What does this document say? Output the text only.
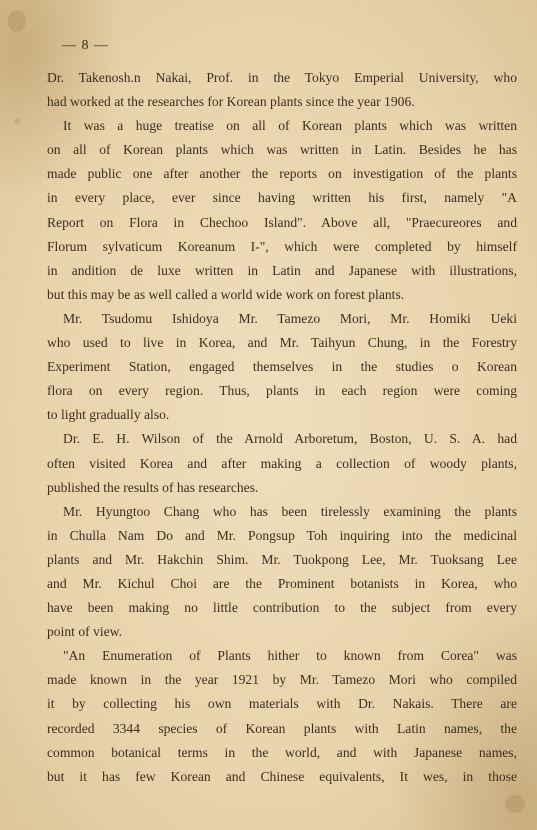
— 8 —
Dr. Takenosh.n Nakai, Prof. in the Tokyo Emperial University, who
had worked at the researches for Korean plants since the year 1906.
It was a huge treatise on all of Korean plants which was written
on all of Korean plants which was written in Latin. Besides he has
made public one after another the reports on investigation of the plants
in every place, ever since having written his first, namely "A
Report on Flora in Chechoo Island". Above all, "Praecureores and
Florum sylvaticum Koreanum I-", which were completed by himself
in andition de luxe written in Latin and Japanese with illustrations,
but this may be as well called a world wide work on forest plants.
Mr. Tsudomu Ishidoya Mr. Tamezo Mori, Mr. Homiki Ueki
who used to live in Korea, and Mr. Taihyun Chung, in the Forestry
Experiment Station, engaged themselves in the studies o Korean
flora on every region. Thus, plants in each region were coming
to light gradually also.
Dr. E. H. Wilson of the Arnold Arboretum, Boston, U. S. A. had
often visited Korea and after making a collection of woody plants,
published the results of has researches.
Mr. Hyungtoo Chang who has been tirelessly examining the plants
in Chulla Nam Do and Mr. Pongsup Toh inquiring into the medicinal
plants and Mr. Hakchin Shim. Mr. Tuokpong Lee, Mr. Tuoksang Lee
and Mr. Kichul Choi are the Prominent botanists in Korea, who
have been making no little contribution to the subject from every
point of view.
"An Enumeration of Plants hither to known from Corea" was
made known in the year 1921 by Mr. Tamezo Mori who compiled
it by collecting his own materials with Dr. Nakais. There are
recorded 3344 species of Korean plants with Latin names, the
common botanical terms in the world, and with Japanese names,
but it has few Korean and Chinese equivalents, It wes, in those
